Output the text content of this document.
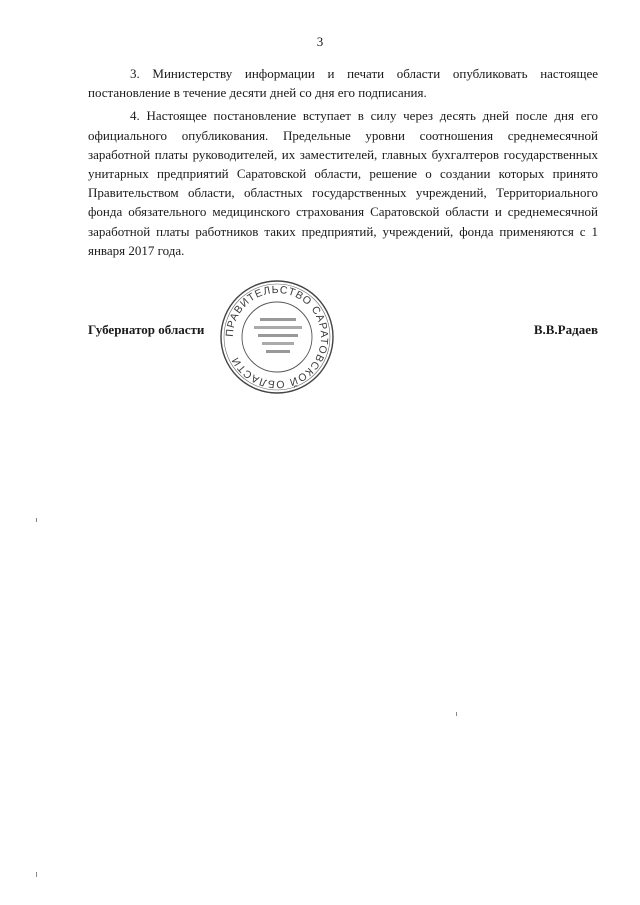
3

3. Министерству информации и печати области опубликовать настоящее постановление в течение десяти дней со дня его подписания.

4. Настоящее постановление вступает в силу через десять дней после дня его официального опубликования. Предельные уровни соотношения среднемесячной заработной платы руководителей, их заместителей, главных бухгалтеров государственных унитарных предприятий Саратовской области, решение о создании которых принято Правительством области, областных государственных учреждений, Территориального фонда обязательного медицинского страхования Саратовской области и среднемесячной заработной платы работников таких предприятий, учреждений, фонда применяются с 1 января 2017 года.

ПРАВИТЕЛЬСТВО САРАТОВСКОЙ ОБЛАСТИ
Губернатор области	В.В.Радаев
